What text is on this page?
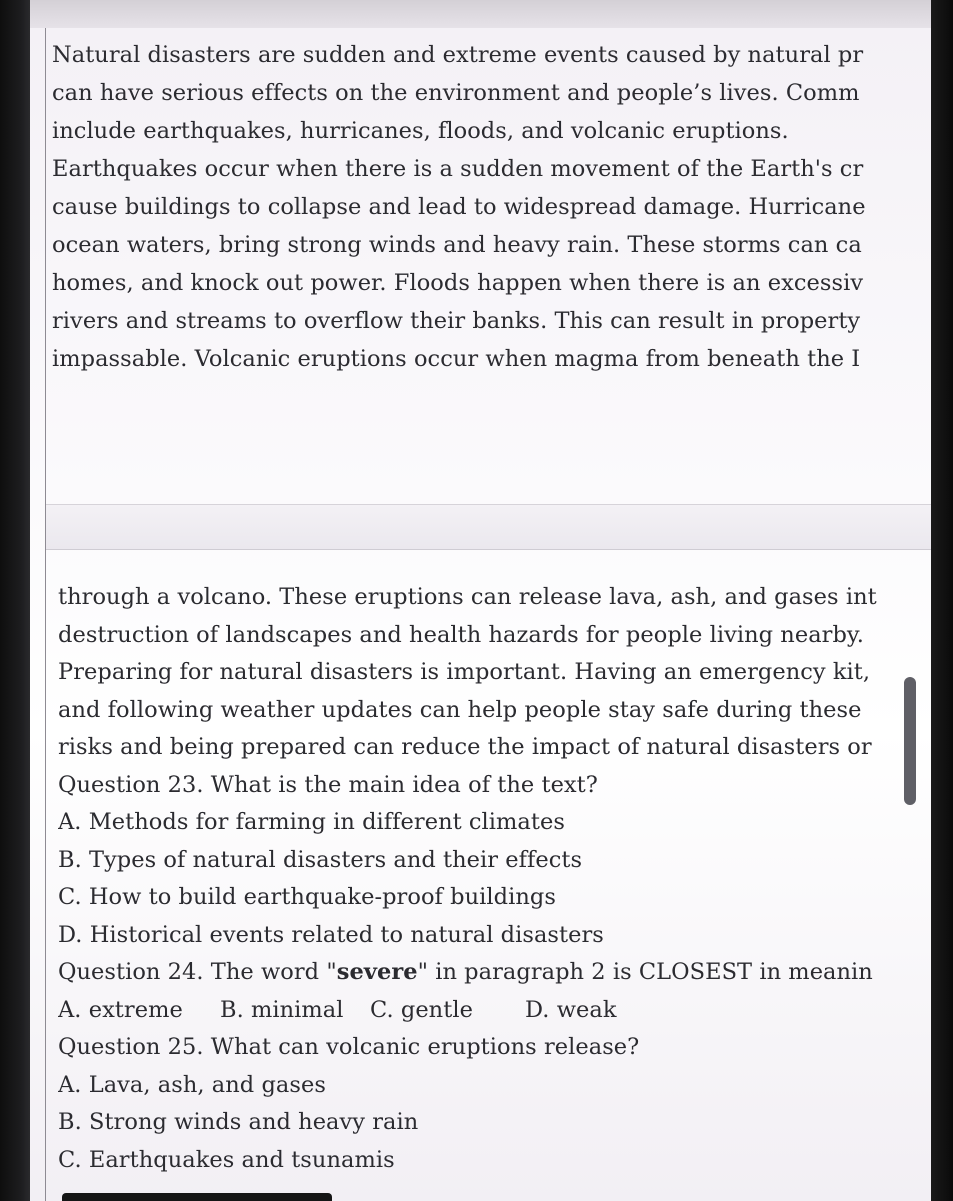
Natural disasters are sudden and extreme events caused by natural pr
can have serious effects on the environment and people’s lives. Comm
include earthquakes, hurricanes, floods, and volcanic eruptions.
Earthquakes occur when there is a sudden movement of the Earth's cr
cause buildings to collapse and lead to widespread damage. Hurricane
ocean waters, bring strong winds and heavy rain. These storms can ca
homes, and knock out power. Floods happen when there is an excessiv
rivers and streams to overflow their banks. This can result in property
impassable. Volcanic eruptions occur when magma from beneath the I
through a volcano. These eruptions can release lava, ash, and gases int
destruction of landscapes and health hazards for people living nearby.
Preparing for natural disasters is important. Having an emergency kit,
and following weather updates can help people stay safe during these
risks and being prepared can reduce the impact of natural disasters or
Question 23. What is the main idea of the text?
A. Methods for farming in different climates
B. Types of natural disasters and their effects
C. How to build earthquake-proof buildings
D. Historical events related to natural disasters
Question 24. The word "severe" in paragraph 2 is CLOSEST in meanin
A. extreme B. minimal C. gentle D. weak
Question 25. What can volcanic eruptions release?
A. Lava, ash, and gases
B. Strong winds and heavy rain
C. Earthquakes and tsunamis
